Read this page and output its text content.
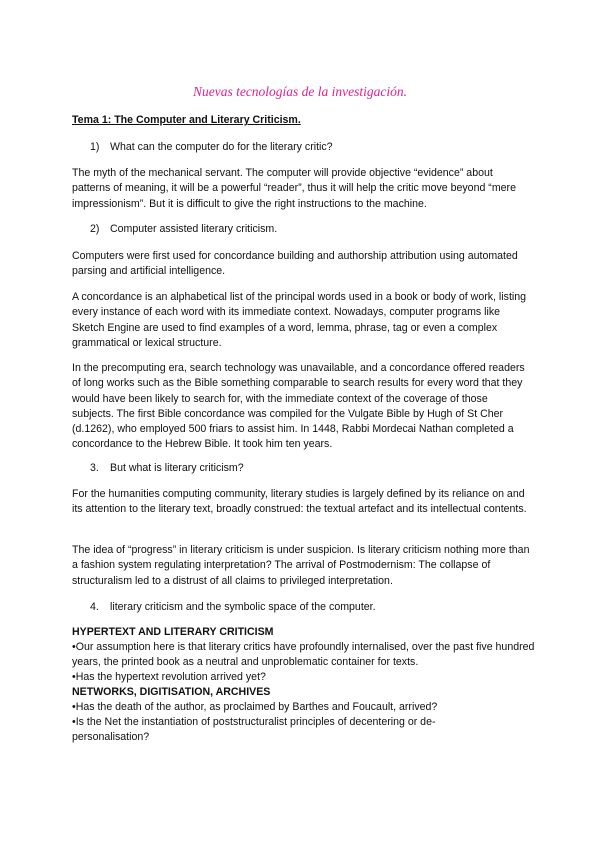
Nuevas tecnologías de la investigación.
Tema 1: The Computer and Literary Criticism.
1) What can the computer do for the literary critic?
The myth of the mechanical servant. The computer will provide objective “evidence” about patterns of meaning, it will be a powerful “reader”, thus it will help the critic move beyond “mere impressionism”. But it is difficult to give the right instructions to the machine.
2) Computer assisted literary criticism.
Computers were first used for concordance building and authorship attribution using automated parsing and artificial intelligence.
A concordance is an alphabetical list of the principal words used in a book or body of work, listing every instance of each word with its immediate context. Nowadays, computer programs like Sketch Engine are used to find examples of a word, lemma, phrase, tag or even a complex grammatical or lexical structure.
In the precomputing era, search technology was unavailable, and a concordance offered readers of long works such as the Bible something comparable to search results for every word that they would have been likely to search for, with the immediate context of the coverage of those subjects. The first Bible concordance was compiled for the Vulgate Bible by Hugh of St Cher (d.1262), who employed 500 friars to assist him. In 1448, Rabbi Mordecai Nathan completed a concordance to the Hebrew Bible. It took him ten years.
3. But what is literary criticism?
For the humanities computing community, literary studies is largely defined by its reliance on and its attention to the literary text, broadly construed: the textual artefact and its intellectual contents.
The idea of “progress” in literary criticism is under suspicion. Is literary criticism nothing more than a fashion system regulating interpretation? The arrival of Postmodernism: The collapse of structuralism led to a distrust of all claims to privileged interpretation.
4. literary criticism and the symbolic space of the computer.
HYPERTEXT AND LITERARY CRITICISM
•Our assumption here is that literary critics have profoundly internalised, over the past five hundred years, the printed book as a neutral and unproblematic container for texts.
•Has the hypertext revolution arrived yet?
NETWORKS, DIGITISATION, ARCHIVES
•Has the death of the author, as proclaimed by Barthes and Foucault, arrived?
•Is the Net the instantiation of poststructuralist principles of decentering or de-personalisation?
